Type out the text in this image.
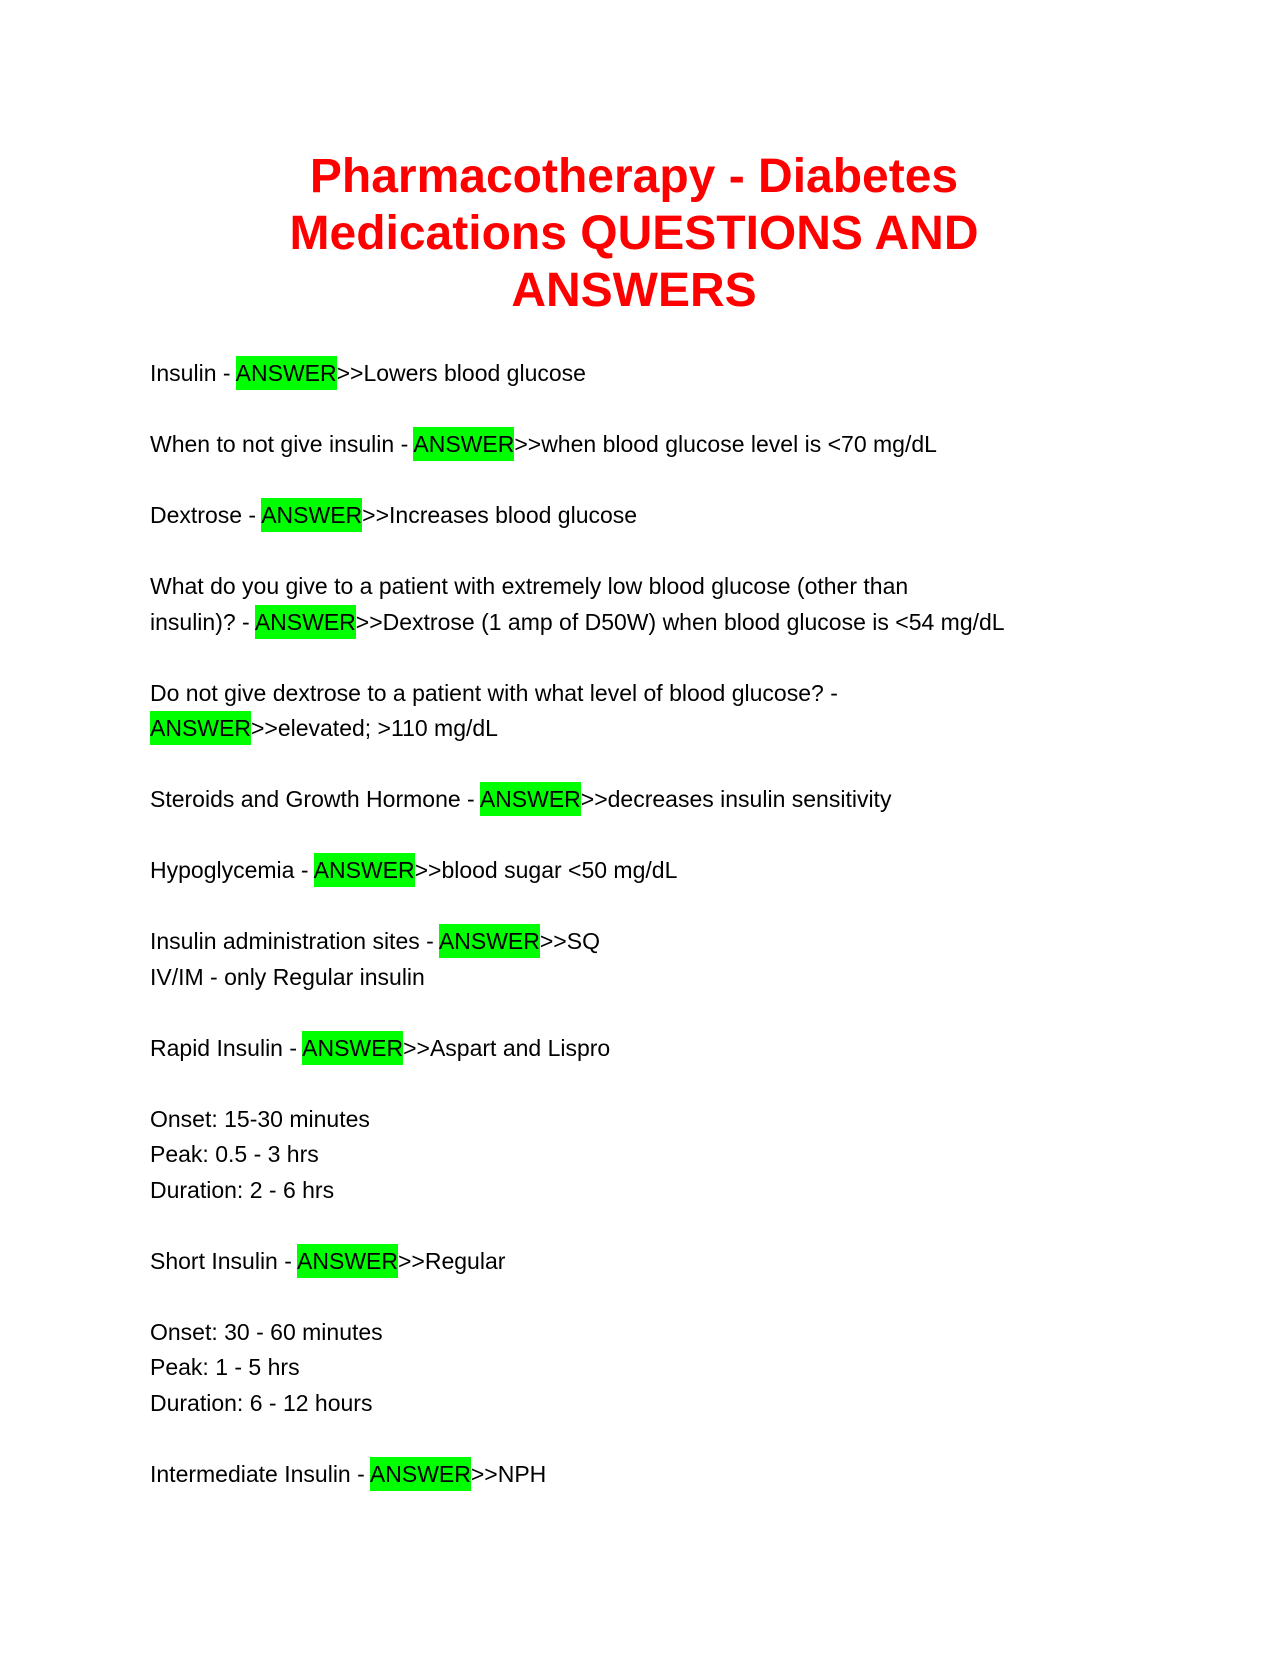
Pharmacotherapy - Diabetes
Medications QUESTIONS AND
ANSWERS
Insulin - ANSWER>>Lowers blood glucose
When to not give insulin - ANSWER>>when blood glucose level is <70 mg/dL
Dextrose - ANSWER>>Increases blood glucose
What do you give to a patient with extremely low blood glucose (other than
insulin)? - ANSWER>>Dextrose (1 amp of D50W) when blood glucose is <54 mg/dL
Do not give dextrose to a patient with what level of blood glucose? -
ANSWER>>elevated; >110 mg/dL
Steroids and Growth Hormone - ANSWER>>decreases insulin sensitivity
Hypoglycemia - ANSWER>>blood sugar <50 mg/dL
Insulin administration sites - ANSWER>>SQ
IV/IM - only Regular insulin
Rapid Insulin - ANSWER>>Aspart and Lispro
Onset: 15-30 minutes
Peak: 0.5 - 3 hrs
Duration: 2 - 6 hrs
Short Insulin - ANSWER>>Regular
Onset: 30 - 60 minutes
Peak: 1 - 5 hrs
Duration: 6 - 12 hours
Intermediate Insulin - ANSWER>>NPH
